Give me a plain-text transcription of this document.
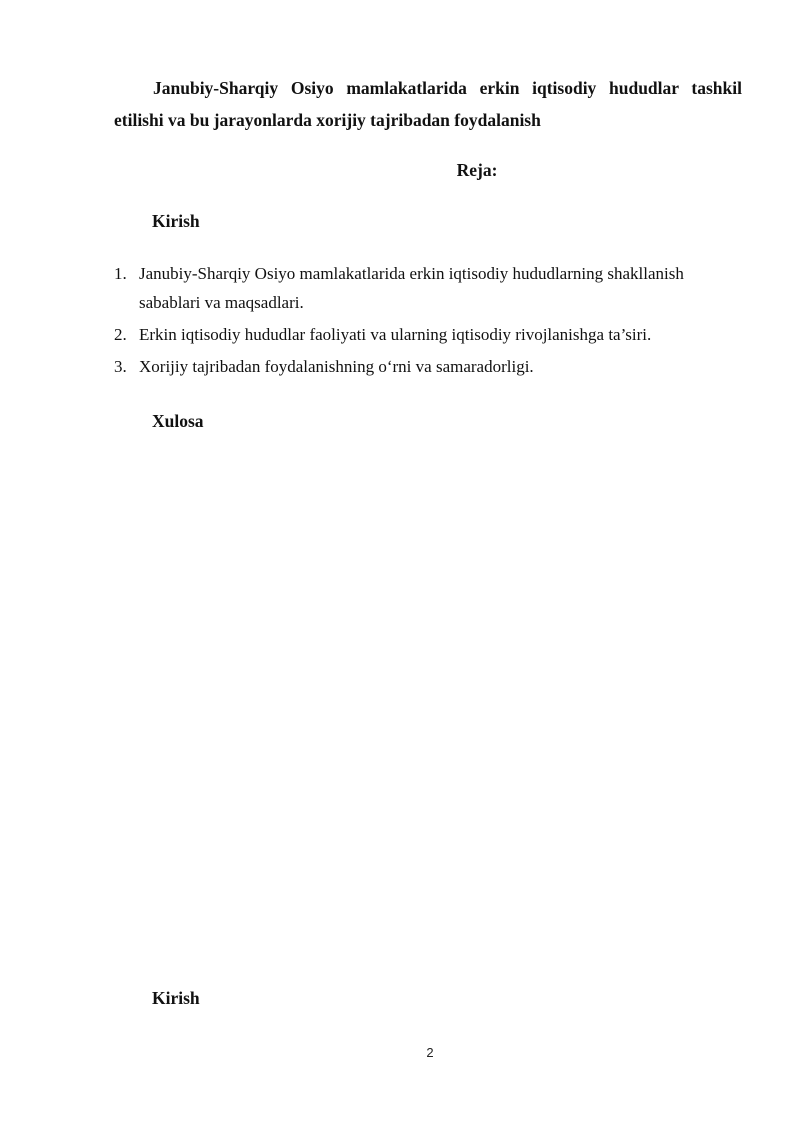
Janubiy-Sharqiy Osiyo mamlakatlarida erkin iqtisodiy hududlar tashkil etilishi va bu jarayonlarda xorijiy tajribadan foydalanish

Reja:

Kirish

1. Janubiy-Sharqiy Osiyo mamlakatlarida erkin iqtisodiy hududlarning shakllanish sabablari va maqsadlari.
2. Erkin iqtisodiy hududlar faoliyati va ularning iqtisodiy rivojlanishga ta’siri.
3. Xorijiy tajribadan foydalanishning oʻrni va samaradorligi.

Xulosa

Kirish

2
